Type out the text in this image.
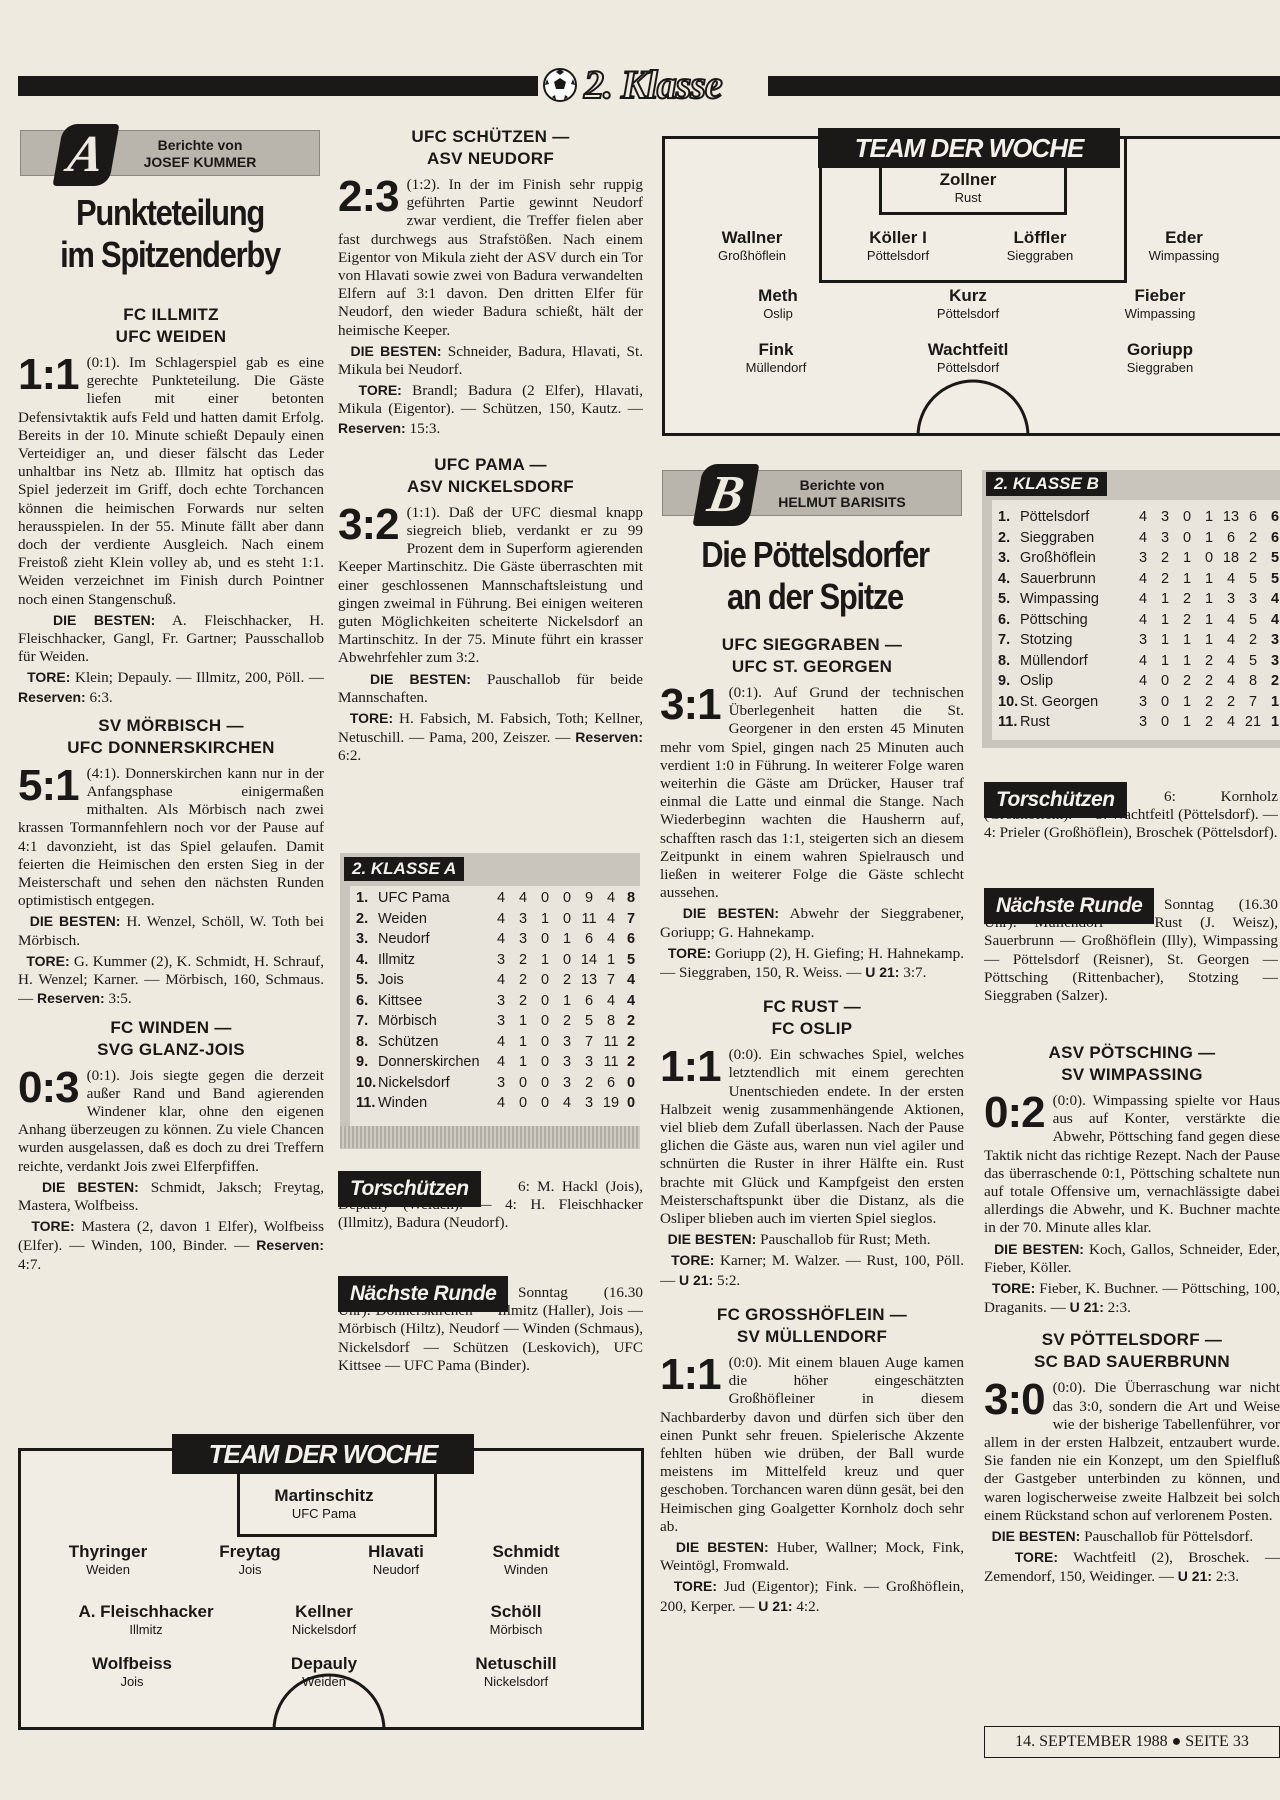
2. Klasse
Berichte von
JOSEF KUMMER
A
Punkteteilung
im Spitzenderby
FC ILLMITZ
UFC WEIDEN
1:1 (0:1). Im Schlagerspiel gab es eine gerechte Punkteteilung. Die Gäste liefen mit einer betonten Defensivtaktik aufs Feld und hatten damit Erfolg. Bereits in der 10. Minute schießt Depauly einen Verteidiger an, und dieser fälscht das Leder unhaltbar ins Netz ab. Illmitz hat optisch das Spiel jederzeit im Griff, doch echte Torchancen können die heimischen Forwards nur selten herausspielen. In der 55. Minute fällt aber dann doch der verdiente Ausgleich. Nach einem Freistoß zieht Klein volley ab, und es steht 1:1. Weiden verzeichnet im Finish durch Pointner noch einen Stangenschuß.

DIE BESTEN: A. Fleischhacker, H. Fleischhacker, Gangl, Fr. Gartner; Pausschallob für Weiden.

TORE: Klein; Depauly. — Illmitz, 200, Pöll. — Reserven: 6:3.

SV MÖRBISCH —
UFC DONNERSKIRCHEN
5:1 (4:1). Donnerskirchen kann nur in der Anfangsphase einigermaßen mithalten. Als Mörbisch nach zwei krassen Tormannfehlern noch vor der Pause auf 4:1 davonzieht, ist das Spiel gelaufen. Damit feierten die Heimischen den ersten Sieg in der Meisterschaft und sehen den nächsten Runden optimistisch entgegen.

DIE BESTEN: H. Wenzel, Schöll, W. Toth bei Mörbisch.

TORE: G. Kummer (2), K. Schmidt, H. Schrauf, H. Wenzel; Karner. — Mörbisch, 160, Schmaus. — Reserven: 3:5.

FC WINDEN —
SVG GLANZ-JOIS
0:3 (0:1). Jois siegte gegen die derzeit außer Rand und Band agierenden Windener klar, ohne den eigenen Anhang überzeugen zu können. Zu viele Chancen wurden ausgelassen, daß es doch zu drei Treffern reichte, verdankt Jois zwei Elferpfiffen.

DIE BESTEN: Schmidt, Jaksch; Freytag, Mastera, Wolfbeiss.

TORE: Mastera (2, davon 1 Elfer), Wolfbeiss (Elfer). — Winden, 100, Binder. — Reserven: 4:7.

UFC SCHÜTZEN —
ASV NEUDORF
2:3 (1:2). In der im Finish sehr ruppig geführten Partie gewinnt Neudorf zwar verdient, die Treffer fielen aber fast durchwegs aus Strafstößen. Nach einem Eigentor von Mikula zieht der ASV durch ein Tor von Hlavati sowie zwei von Badura verwandelten Elfern auf 3:1 davon. Den dritten Elfer für Neudorf, den wieder Badura schießt, hält der heimische Keeper.

DIE BESTEN: Schneider, Badura, Hlavati, St. Mikula bei Neudorf.

TORE: Brandl; Badura (2 Elfer), Hlavati, Mikula (Eigentor). — Schützen, 150, Kautz. — Reserven: 15:3.

UFC PAMA —
ASV NICKELSDORF
3:2 (1:1). Daß der UFC diesmal knapp siegreich blieb, verdankt er zu 99 Prozent dem in Superform agierenden Keeper Martinschitz. Die Gäste überraschten mit einer geschlossenen Mannschaftsleistung und gingen zweimal in Führung. Bei einigen weiteren guten Möglichkeiten scheiterte Nickelsdorf an Martinschitz. In der 75. Minute führt ein krasser Abwehrfehler zum 3:2.

DIE BESTEN: Pauschallob für beide Mannschaften.

TORE: H. Fabsich, M. Fabsich, Toth; Kellner, Netuschill. — Pama, 200, Zeiszer. — Reserven: 6:2.

2. KLASSE A
1. UFC Pama	4 4 0 0 9 4 8
2. Weiden	4 3 1 0 11 4 7
3. Neudorf	4 3 0 1 6 4 6
4. Illmitz	3 2 1 0 14 1 5
5. Jois	4 2 0 2 13 7 4
6. Kittsee	3 2 0 1 6 4 4
7. Mörbisch	3 1 0 2 5 8 2
8. Schützen	4 1 0 3 7 11 2
9. Donnerskirchen	4 1 0 3 3 11 2
10. Nickelsdorf	3 0 0 3 2 6 0
11. Winden	4 0 0 4 3 19 0
Torschützen	6: M. Hackl (Jois), Depauly (Weiden). — 4: H. Fleischhacker (Illmitz), Badura (Neudorf).
Nächste Runde	Sonntag (16.30 Uhr): Donnerskirchen — Illmitz (Haller), Jois — Mörbisch (Hiltz), Neudorf — Winden (Schmaus), Nickelsdorf — Schützen (Leskovich), UFC Kittsee — UFC Pama (Binder).
TEAM DER WOCHE
Martinschitz
UFC Pama
Thyringer
Weiden
Freytag
Jois
Hlavati
Neudorf
Schmidt
Winden
A. Fleischhacker
Illmitz
Kellner
Nickelsdorf
Schöll
Mörbisch
Wolfbeiss
Jois
Depauly
Weiden
Netuschill
Nickelsdorf
TEAM DER WOCHE
Zollner
Rust
Wallner
Großhöflein
Köller I
Pöttelsdorf
Löffler
Sieggraben
Eder
Wimpassing
Meth
Oslip
Kurz
Pöttelsdorf
Fieber
Wimpassing
Fink
Müllendorf
Wachtfeitl
Pöttelsdorf
Goriupp
Sieggraben
Berichte von
HELMUT BARISITS
B
Die Pöttelsdorfer
an der Spitze
UFC SIEGGRABEN —
UFC ST. GEORGEN
3:1 (0:1). Auf Grund der technischen Überlegenheit hatten die St. Georgener in den ersten 45 Minuten mehr vom Spiel, gingen nach 25 Minuten auch verdient 1:0 in Führung. In weiterer Folge waren weiterhin die Gäste am Drücker, Hauser traf einmal die Latte und einmal die Stange. Nach Wiederbeginn wachten die Hausherrn auf, schafften rasch das 1:1, steigerten sich an diesem Zeitpunkt in einem wahren Spielrausch und ließen in weiterer Folge die Gäste schlecht aussehen.

DIE BESTEN: Abwehr der Sieggrabener, Goriupp; G. Hahnekamp.

TORE: Goriupp (2), H. Giefing; H. Hahnekamp. — Sieggraben, 150, R. Weiss. — U 21: 3:7.

FC RUST —
FC OSLIP
1:1 (0:0). Ein schwaches Spiel, welches letztendlich mit einem gerechten Unentschieden endete. In der ersten Halbzeit wenig zusammenhängende Aktionen, viel blieb dem Zufall überlassen. Nach der Pause glichen die Gäste aus, waren nun viel agiler und schnürten die Ruster in ihrer Hälfte ein. Rust brachte mit Glück und Kampfgeist den ersten Meisterschaftspunkt über die Distanz, als die Osliper blieben auch im vierten Spiel sieglos.

DIE BESTEN: Pauschallob für Rust; Meth.

TORE: Karner; M. Walzer. — Rust, 100, Pöll. — U 21: 5:2.

FC GROSSHÖFLEIN —
SV MÜLLENDORF
1:1 (0:0). Mit einem blauen Auge kamen die höher eingeschätzten Großhöfleiner in diesem Nachbarderby davon und dürfen sich über den einen Punkt sehr freuen. Spielerische Akzente fehlten hüben wie drüben, der Ball wurde meistens im Mittelfeld kreuz und quer geschoben. Torchancen waren dünn gesät, bei den Heimischen ging Goalgetter Kornholz doch sehr ab.

DIE BESTEN: Huber, Wallner; Mock, Fink, Weintögl, Fromwald.

TORE: Jud (Eigentor); Fink. — Großhöflein, 200, Kerper. — U 21: 4:2.

2. KLASSE B
1. Pöttelsdorf	4 3 0 1 13 6 6
2. Sieggraben	4 3 0 1 6 2 6
3. Großhöflein	3 2 1 0 18 2 5
4. Sauerbrunn	4 2 1 1 4 5 5
5. Wimpassing	4 1 2 1 3 3 4
6. Pöttsching	4 1 2 1 4 5 4
7. Stotzing	3 1 1 1 4 2 3
8. Müllendorf	4 1 1 2 4 5 3
9. Oslip	4 0 2 2 4 8 2
10. St. Georgen	3 0 1 2 2 7 1
11. Rust	3 0 1 2 4 21 1
Torschützen	6: Kornholz (Großhöflein). — 5: Wachtfeitl (Pöttelsdorf). — 4: Prieler (Großhöflein), Broschek (Pöttelsdorf).
Nächste Runde	Sonntag (16.30 Uhr): Müllendorf — Rust (J. Weisz), Sauerbrunn — Großhöflein (Illy), Wimpassing — Pöttelsdorf (Reisner), St. Georgen — Pöttsching (Rittenbacher), Stotzing — Sieggraben (Salzer).
ASV PÖTSCHING —
SV WIMPASSING
0:2 (0:0). Wimpassing spielte vor Haus aus auf Konter, verstärkte die Abwehr, Pöttsching fand gegen diese Taktik nicht das richtige Rezept. Nach der Pause das überraschende 0:1, Pöttsching schaltete nun auf totale Offensive um, vernachlässigte dabei allerdings die Abwehr, und K. Buchner machte in der 70. Minute alles klar.

DIE BESTEN: Koch, Gallos, Schneider, Eder, Fieber, Köller.

TORE: Fieber, K. Buchner. — Pöttsching, 100, Draganits. — U 21: 2:3.

SV PÖTTELSDORF —
SC BAD SAUERBRUNN
3:0 (0:0). Die Überraschung war nicht das 3:0, sondern die Art und Weise wie der bisherige Tabellenführer, vor allem in der ersten Halbzeit, entzaubert wurde. Sie fanden nie ein Konzept, um den Spielfluß der Gastgeber unterbinden zu können, und waren logischerweise zweite Halbzeit bei solch einem Rückstand schon auf verlorenem Posten.

DIE BESTEN: Pauschallob für Pöttelsdorf.

TORE: Wachtfeitl (2), Broschek. — Zemendorf, 150, Weidinger. — U 21: 2:3.

14. SEPTEMBER 1988 ● SEITE 33
